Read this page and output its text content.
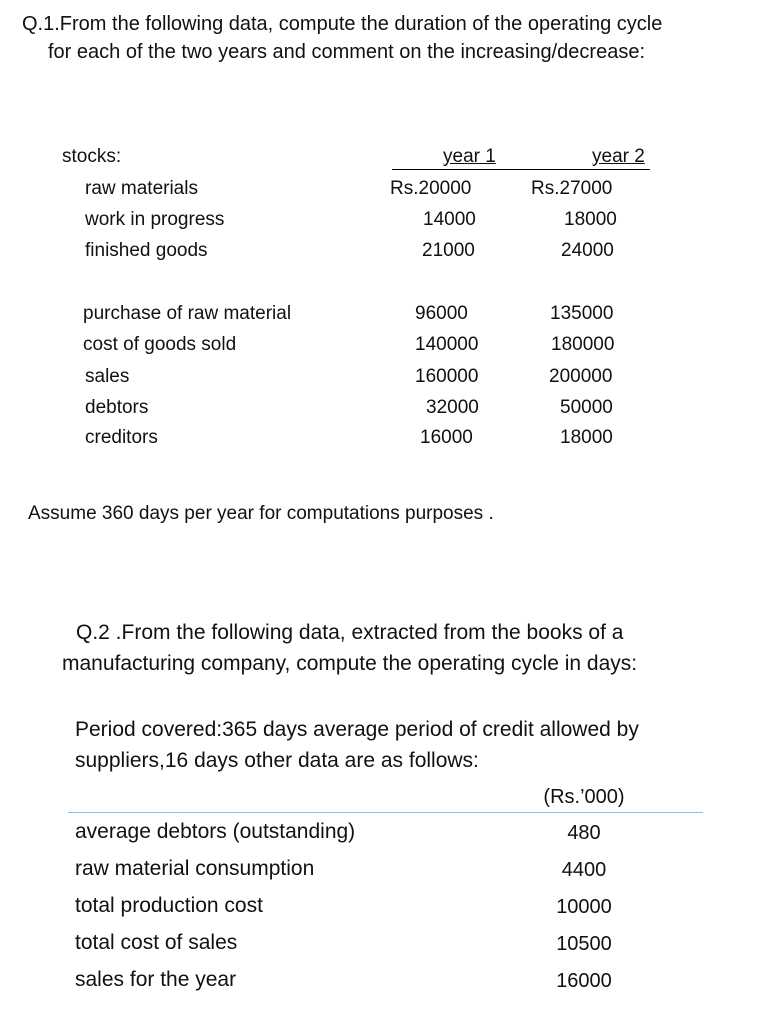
Q.1.From the following data, compute the duration of the operating cycle
for each of the two years and comment on the increasing/decrease:
stocks:	year 1	year 2
raw materials	Rs.20000	Rs.27000
work in progress	14000	18000
finished goods	21000	24000
purchase of raw material	96000	135000
cost of goods sold	140000	180000
sales	160000	200000
debtors	32000	50000
creditors	16000	18000
Assume 360 days per year for computations purposes .
Q.2 .From the following data, extracted from the books of a
manufacturing company, compute the operating cycle in days:
Period covered:365 days average period of credit allowed by
suppliers,16 days other data are as follows:
(Rs.’000)
average debtors (outstanding)	480
raw material consumption	4400
total production cost	10000
total cost of sales	10500
sales for the year	16000
